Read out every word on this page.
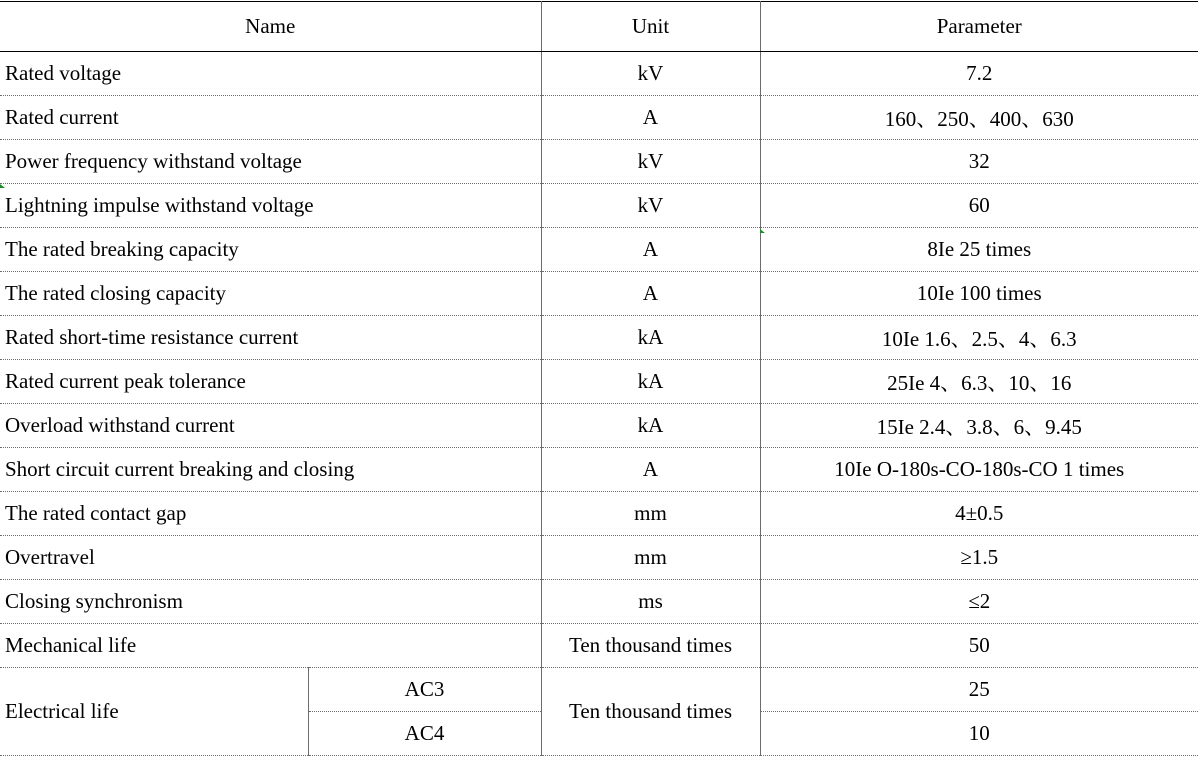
Name		Unit	Parameter
Rated voltage		kV	7.2
Rated current		A	160、250、400、630
Power frequency withstand voltage		kV	32
Lightning impulse withstand voltage		kV	60
The rated breaking capacity		A	8Ie 25 times
The rated closing capacity		A	10Ie 100 times
Rated short-time resistance current		kA	10Ie 1.6、2.5、4、6.3
Rated current peak tolerance		kA	25Ie 4、6.3、10、16
Overload withstand current		kA	15Ie 2.4、3.8、6、9.45
Short circuit current breaking and closing		A	10Ie O-180s-CO-180s-CO 1 times
The rated contact gap		mm	4±0.5
Overtravel		mm	≥1.5
Closing synchronism		ms	≤2
Mechanical life		Ten thousand times	50
Electrical life	AC3	Ten thousand times	25
	AC4		10
